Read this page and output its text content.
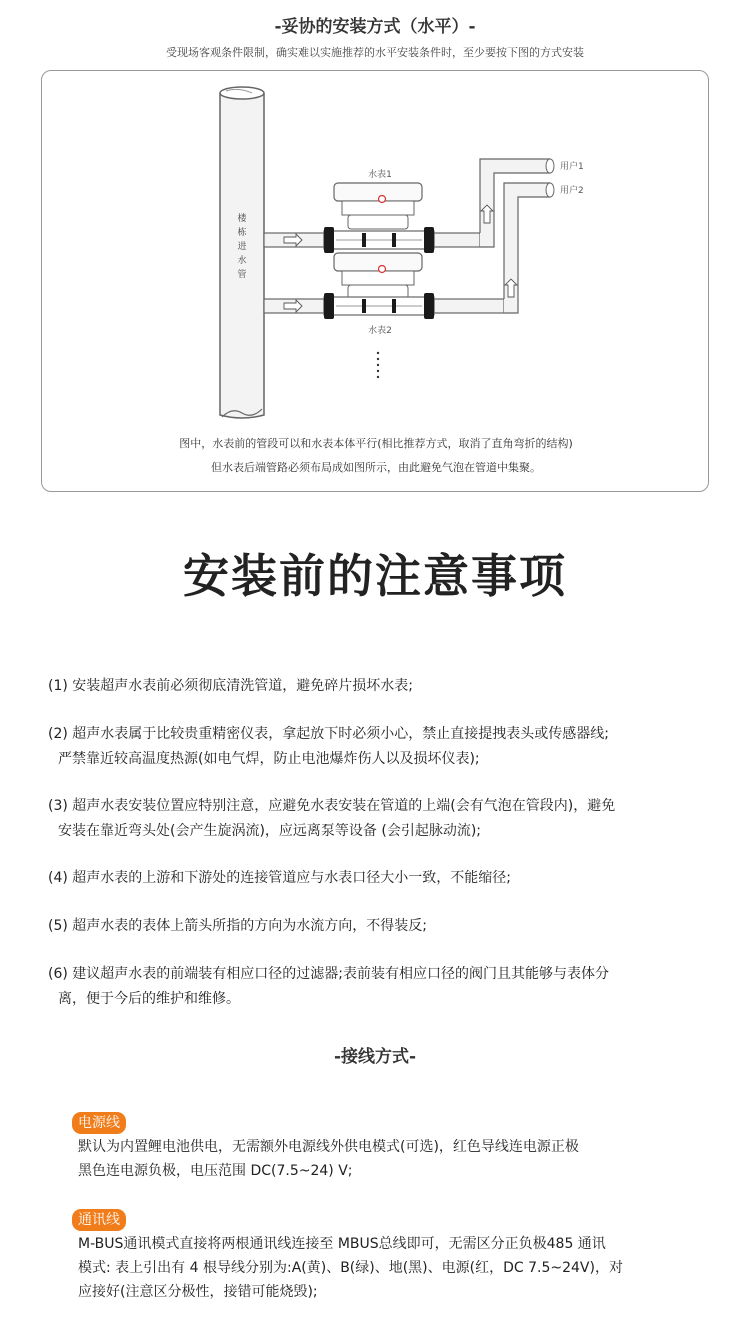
-妥协的安装方式（水平）-
受现场客观条件限制，确实难以实施推荐的水平安装条件时，至少要按下图的方式安装
楼
栋
进
水
管
水表1
水表2
用户1
用户2
图中，水表前的管段可以和水表本体平行(相比推荐方式，取消了直角弯折的结构)
但水表后端管路必须布局成如图所示，由此避免气泡在管道中集聚。
安装前的注意事项
(1) 安装超声水表前必须彻底清洗管道，避免碎片损坏水表;
(2) 超声水表属于比较贵重精密仪表，拿起放下时必须小心，禁止直接提拽表头或传感器线;
严禁靠近较高温度热源(如电气焊，防止电池爆炸伤人以及损坏仪表);
(3) 超声水表安装位置应特别注意，应避免水表安装在管道的上端(会有气泡在管段内)，避免
安装在靠近弯头处(会产生旋涡流)，应远离泵等设备 (会引起脉动流);
(4) 超声水表的上游和下游处的连接管道应与水表口径大小一致，不能缩径;
(5) 超声水表的表体上箭头所指的方向为水流方向，不得装反;
(6) 建议超声水表的前端装有相应口径的过滤器;表前装有相应口径的阀门且其能够与表体分
离，便于今后的维护和维修。
-接线方式-
电源线
默认为内置鲤电池供电，无需额外电源线外供电模式(可选)，红色导线连电源正极
黑色连电源负极，电压范围 DC(7.5~24) V;
通讯线
M-BUS通讯模式直接将两根通讯线连接至 MBUS总线即可，无需区分正负极485 通讯
模式: 表上引出有 4 根导线分别为:A(黄)、B(绿)、地(黑)、电源(红，DC 7.5~24V)，对
应接好(注意区分极性，接错可能烧毁);
